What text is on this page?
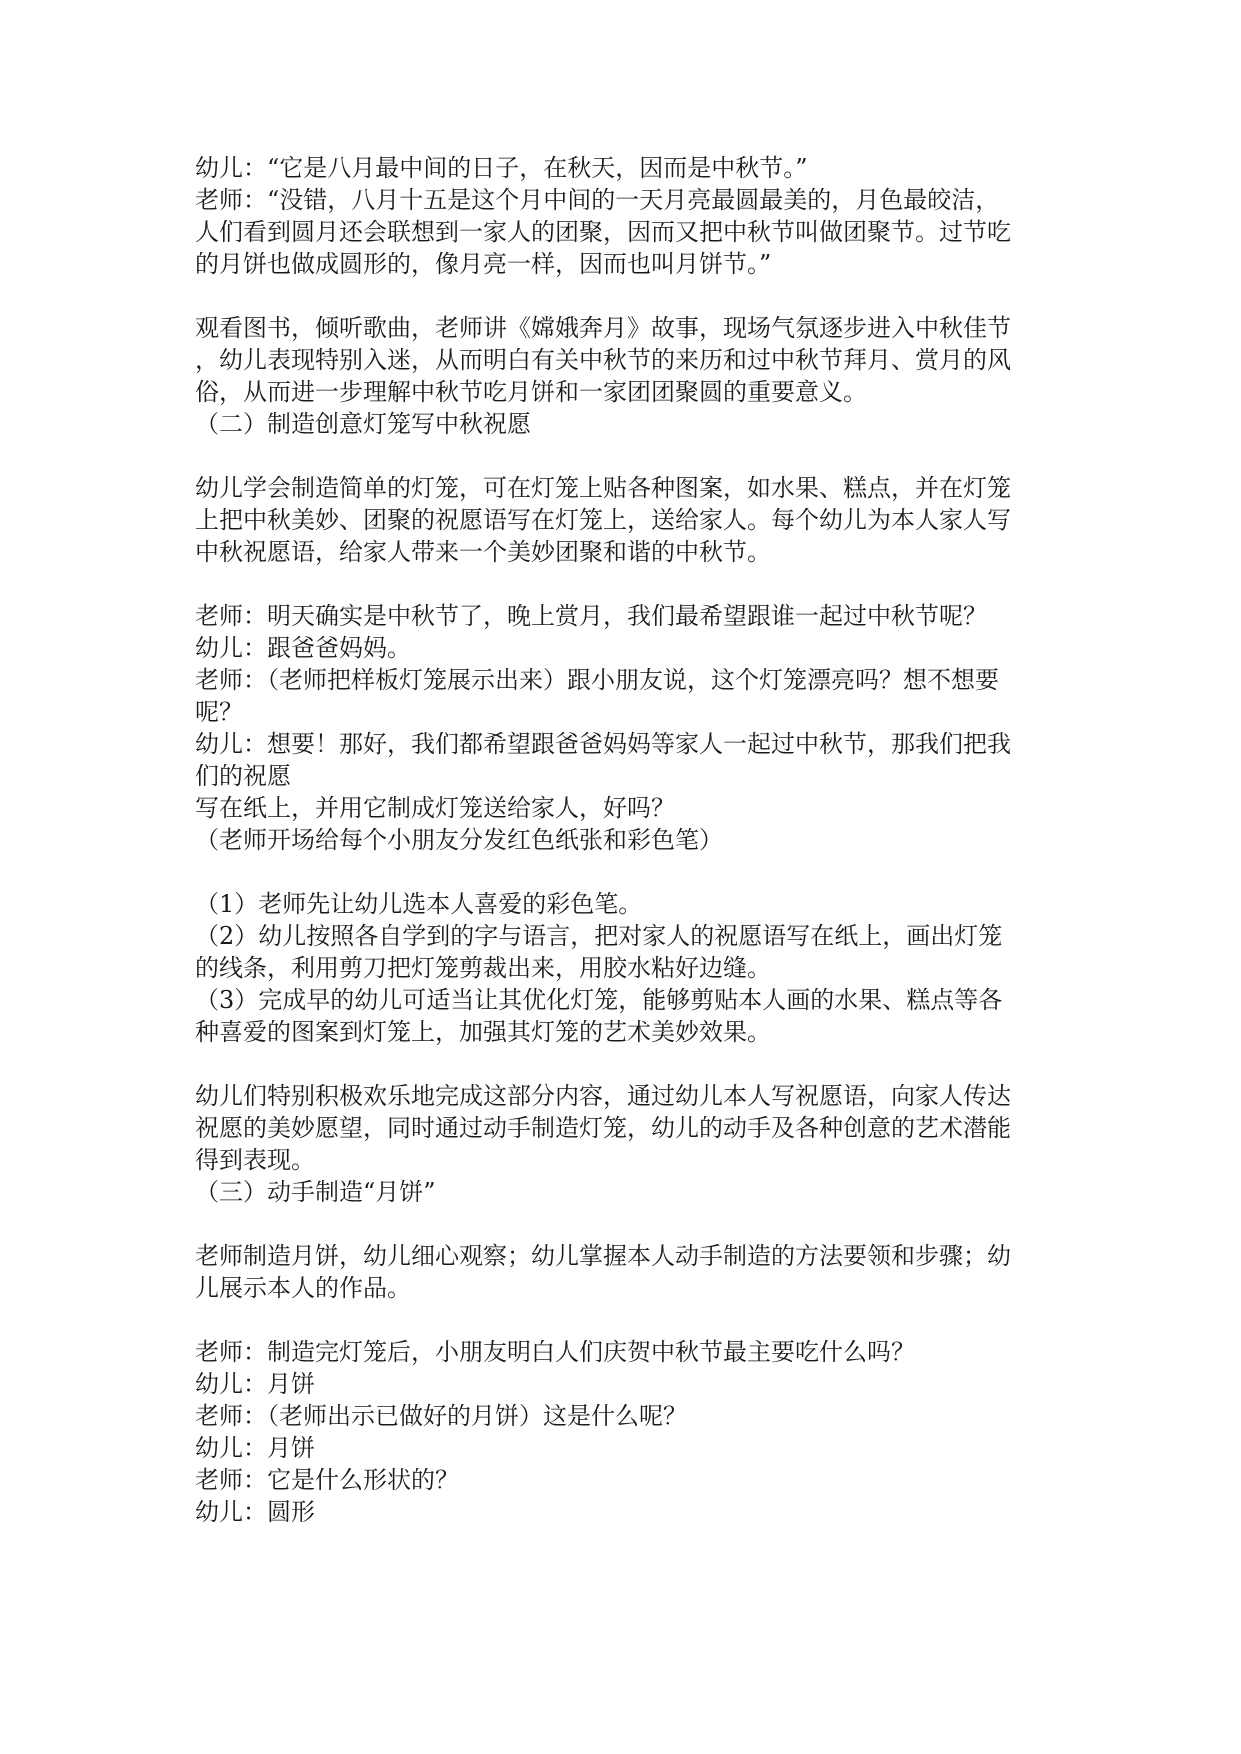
幼儿：“它是八月最中间的日子，在秋天，因而是中秋节。”
老师：“没错，八月十五是这个月中间的一天月亮最圆最美的，月色最皎洁，
人们看到圆月还会联想到一家人的团聚，因而又把中秋节叫做团聚节。过节吃
的月饼也做成圆形的，像月亮一样，因而也叫月饼节。”
观看图书，倾听歌曲，老师讲《嫦娥奔月》故事，现场气氛逐步进入中秋佳节
，幼儿表现特别入迷，从而明白有关中秋节的来历和过中秋节拜月、赏月的风
俗，从而进一步理解中秋节吃月饼和一家团团聚圆的重要意义。
（二）制造创意灯笼写中秋祝愿
幼儿学会制造简单的灯笼，可在灯笼上贴各种图案，如水果、糕点，并在灯笼
上把中秋美妙、团聚的祝愿语写在灯笼上，送给家人。每个幼儿为本人家人写
中秋祝愿语，给家人带来一个美妙团聚和谐的中秋节。
老师：明天确实是中秋节了，晚上赏月，我们最希望跟谁一起过中秋节呢？
幼儿：跟爸爸妈妈。
老师：（老师把样板灯笼展示出来）跟小朋友说，这个灯笼漂亮吗？想不想要
呢？
幼儿：想要！那好，我们都希望跟爸爸妈妈等家人一起过中秋节，那我们把我
们的祝愿
写在纸上，并用它制成灯笼送给家人，好吗？
（老师开场给每个小朋友分发红色纸张和彩色笔）
（1）老师先让幼儿选本人喜爱的彩色笔。
（2）幼儿按照各自学到的字与语言，把对家人的祝愿语写在纸上，画出灯笼
的线条，利用剪刀把灯笼剪裁出来，用胶水粘好边缝。
（3）完成早的幼儿可适当让其优化灯笼，能够剪贴本人画的水果、糕点等各
种喜爱的图案到灯笼上，加强其灯笼的艺术美妙效果。
幼儿们特别积极欢乐地完成这部分内容，通过幼儿本人写祝愿语，向家人传达
祝愿的美妙愿望，同时通过动手制造灯笼，幼儿的动手及各种创意的艺术潜能
得到表现。
（三）动手制造“月饼”
老师制造月饼，幼儿细心观察；幼儿掌握本人动手制造的方法要领和步骤；幼
儿展示本人的作品。
老师：制造完灯笼后，小朋友明白人们庆贺中秋节最主要吃什么吗？
幼儿：月饼
老师：（老师出示已做好的月饼）这是什么呢？
幼儿：月饼
老师：它是什么形状的？
幼儿：圆形
